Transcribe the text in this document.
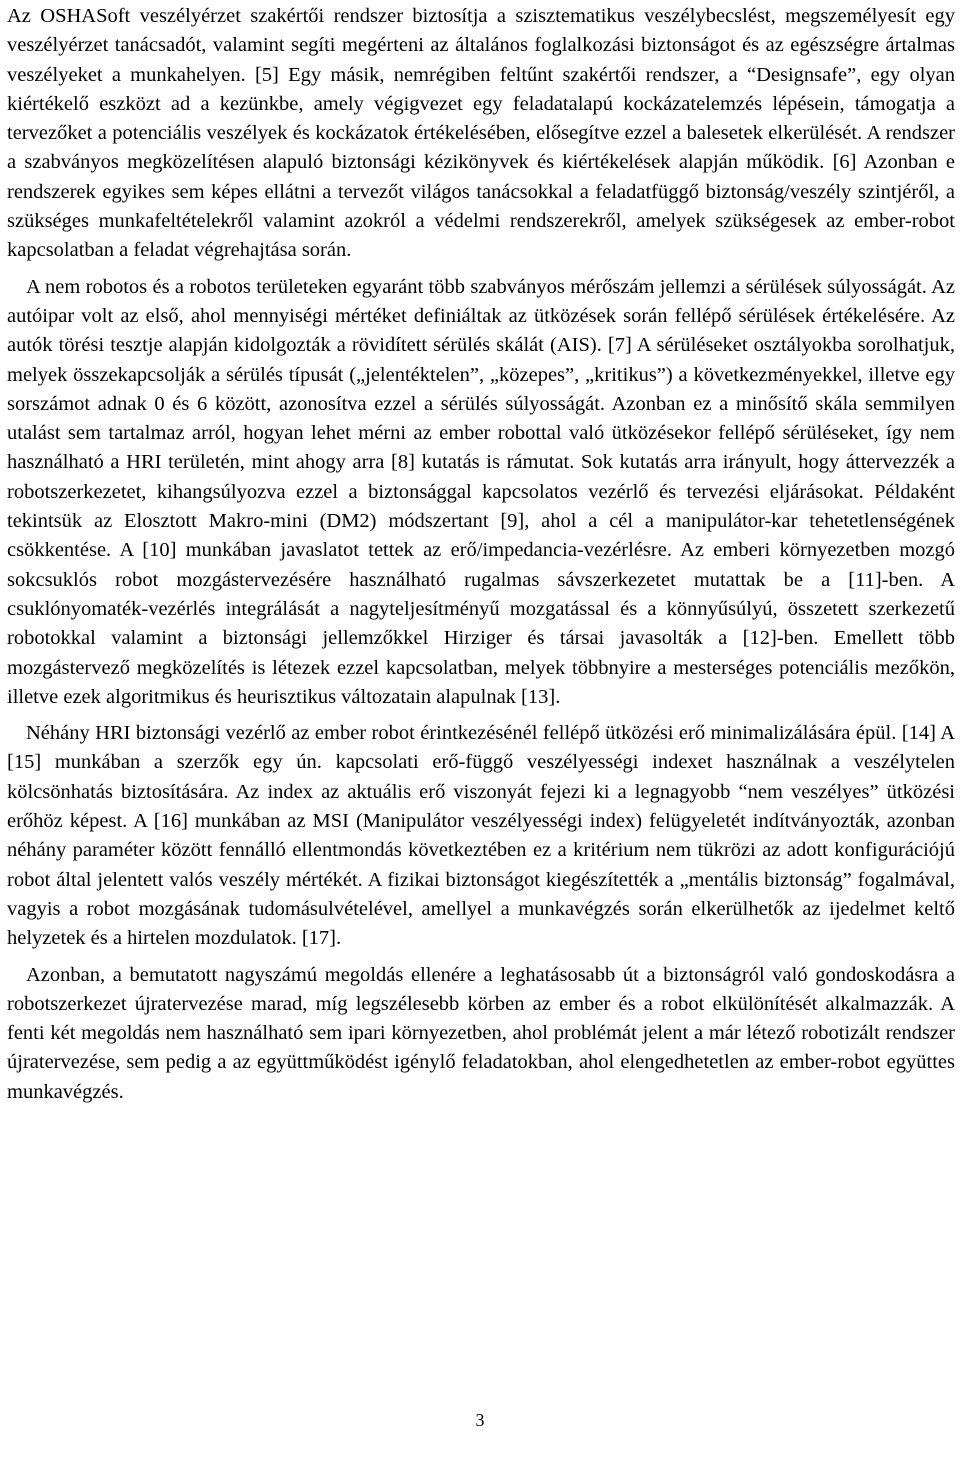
Az OSHASoft veszélyérzet szakértői rendszer biztosítja a szisztematikus veszélybecslést, megszemélyesít egy veszélyérzet tanácsadót, valamint segíti megérteni az általános foglalkozási biztonságot és az egészségre ártalmas veszélyeket a munkahelyen. [5] Egy másik, nemrégiben feltűnt szakértői rendszer, a “Designsafe”, egy olyan kiértékelő eszközt ad a kezünkbe, amely végigvezet egy feladatalapú kockázatelemzés lépésein, támogatja a tervezőket a potenciális veszélyek és kockázatok értékelésében, elősegítve ezzel a balesetek elkerülését. A rendszer a szabványos megközelítésen alapuló biztonsági kézikönyvek és kiértékelések alapján működik. [6] Azonban e rendszerek egyikes sem képes ellátni a tervezőt világos tanácsokkal a feladatfüggő biztonság/veszély szintjéről, a szükséges munkafeltételekről valamint azokról a védelmi rendszerekről, amelyek szükségesek az ember-robot kapcsolatban a feladat végrehajtása során.

A nem robotos és a robotos területeken egyaránt több szabványos mérőszám jellemzi a sérülések súlyosságát. Az autóipar volt az első, ahol mennyiségi mértéket definiáltak az ütközések során fellépő sérülések értékelésére. Az autók törési tesztje alapján kidolgozták a rövidített sérülés skálát (AIS). [7] A sérüléseket osztályokba sorolhatjuk, melyek összekapcsolják a sérülés típusát („jelentéktelen”, „közepes”, „kritikus”) a következményekkel, illetve egy sorszámot adnak 0 és 6 között, azonosítva ezzel a sérülés súlyosságát. Azonban ez a minősítő skála semmilyen utalást sem tartalmaz arról, hogyan lehet mérni az ember robottal való ütközésekor fellépő sérüléseket, így nem használható a HRI területén, mint ahogy arra [8] kutatás is rámutat. Sok kutatás arra irányult, hogy áttervezzék a robotszerkezetet, kihangsúlyozva ezzel a biztonsággal kapcsolatos vezérlő és tervezési eljárásokat. Példaként tekintsük az Elosztott Makro-mini (DM2) módszertant [9], ahol a cél a manipulátor-kar tehetetlenségének csökkentése. A [10] munkában javaslatot tettek az erő/impedancia-vezérlésre. Az emberi környezetben mozgó sokcsuklós robot mozgástervezésére használható rugalmas sávszerkezetet mutattak be a [11]-ben. A csuklónyomaték-vezérlés integrálását a nagyteljesítményű mozgatással és a könnyűsúlyú, összetett szerkezetű robotokkal valamint a biztonsági jellemzőkkel Hirziger és társai javasolták a [12]-ben. Emellett több mozgástervező megközelítés is létezek ezzel kapcsolatban, melyek többnyire a mesterséges potenciális mezőkön, illetve ezek algoritmikus és heurisztikus változatain alapulnak [13].

Néhány HRI biztonsági vezérlő az ember robot érintkezésénél fellépő ütközési erő minimalizálására épül. [14] A [15] munkában a szerzők egy ún. kapcsolati erő-függő veszélyességi indexet használnak a veszélytelen kölcsönhatás biztosítására. Az index az aktuális erő viszonyát fejezi ki a legnagyobb “nem veszélyes” ütközési erőhöz képest. A [16] munkában az MSI (Manipulátor veszélyességi index) felügyeletét indítványozták, azonban néhány paraméter között fennálló ellentmondás következtében ez a kritérium nem tükrözi az adott konfigurációjú robot által jelentett valós veszély mértékét. A fizikai biztonságot kiegészítették a „mentális biztonság” fogalmával, vagyis a robot mozgásának tudomásulvételével, amellyel a munkavégzés során elkerülhetők az ijedelmet keltő helyzetek és a hirtelen mozdulatok. [17].

Azonban, a bemutatott nagyszámú megoldás ellenére a leghatásosabb út a biztonságról való gondoskodásra a robotszerkezet újratervezése marad, míg legszélesebb körben az ember és a robot elkülönítését alkalmazzák. A fenti két megoldás nem használható sem ipari környezetben, ahol problémát jelent a már létező robotizált rendszer újratervezése, sem pedig a az együttműködést igénylő feladatokban, ahol elengedhetetlen az ember-robot együttes munkavégzés.

3
